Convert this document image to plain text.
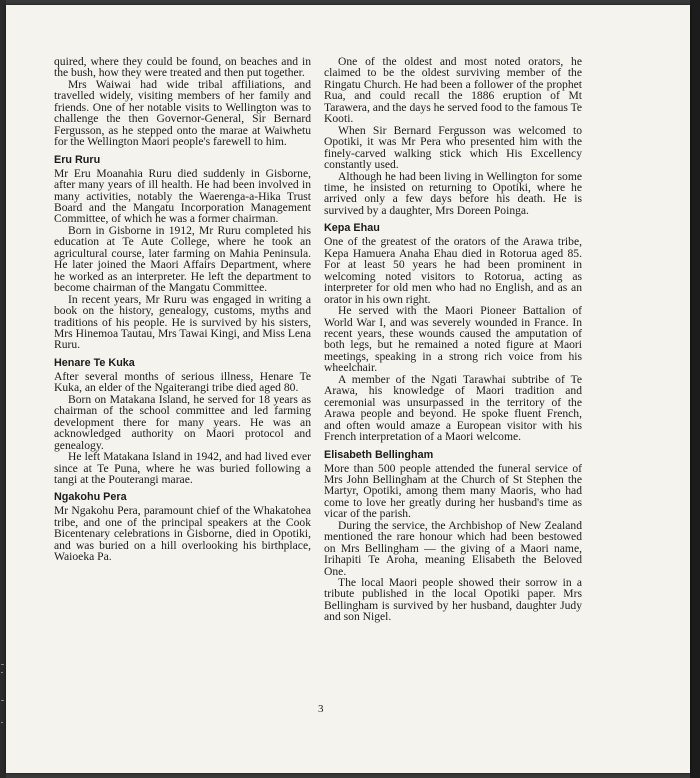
quired, where they could be found, on beaches and in the bush, how they were treated and then put together.

Mrs Waiwai had wide tribal affiliations, and travelled widely, visiting members of her family and friends. One of her notable visits to Wellington was to challenge the then Governor-General, Sir Bernard Fergusson, as he stepped onto the marae at Waiwhetu for the Wellington Maori people's farewell to him.

Eru Ruru

Mr Eru Moanahia Ruru died suddenly in Gisborne, after many years of ill health. He had been involved in many activities, notably the Waerenga-a-Hika Trust Board and the Mangatu Incorporation Management Committee, of which he was a former chairman.

Born in Gisborne in 1912, Mr Ruru completed his education at Te Aute College, where he took an agricultural course, later farming on Mahia Peninsula. He later joined the Maori Affairs Department, where he worked as an interpreter. He left the department to become chairman of the Mangatu Committee.

In recent years, Mr Ruru was engaged in writing a book on the history, genealogy, customs, myths and traditions of his people. He is survived by his sisters, Mrs Hinemoa Tautau, Mrs Tawai Kingi, and Miss Lena Ruru.

Henare Te Kuka

After several months of serious illness, Henare Te Kuka, an elder of the Ngaiterangi tribe died aged 80.

Born on Matakana Island, he served for 18 years as chairman of the school committee and led farming development there for many years. He was an acknowledged authority on Maori protocol and genealogy.

He left Matakana Island in 1942, and had lived ever since at Te Puna, where he was buried following a tangi at the Pouterangi marae.

Ngakohu Pera

Mr Ngakohu Pera, paramount chief of the Whakatohea tribe, and one of the principal speakers at the Cook Bicentenary celebrations in Gisborne, died in Opotiki, and was buried on a hill overlooking his birthplace, Waioeka Pa.

One of the oldest and most noted orators, he claimed to be the oldest surviving member of the Ringatu Church. He had been a follower of the prophet Rua, and could recall the 1886 eruption of Mt Tarawera, and the days he served food to the famous Te Kooti.

When Sir Bernard Fergusson was welcomed to Opotiki, it was Mr Pera who presented him with the finely-carved walking stick which His Excellency constantly used.

Although he had been living in Wellington for some time, he insisted on returning to Opotiki, where he arrived only a few days before his death. He is survived by a daughter, Mrs Doreen Poinga.

Kepa Ehau

One of the greatest of the orators of the Arawa tribe, Kepa Hamuera Anaha Ehau died in Rotorua aged 85. For at least 50 years he had been prominent in welcoming noted visitors to Rotorua, acting as interpreter for old men who had no English, and as an orator in his own right.

He served with the Maori Pioneer Battalion of World War I, and was severely wounded in France. In recent years, these wounds caused the amputation of both legs, but he remained a noted figure at Maori meetings, speaking in a strong rich voice from his wheelchair.

A member of the Ngati Tarawhai subtribe of Te Arawa, his knowledge of Maori tradition and ceremonial was unsurpassed in the territory of the Arawa people and beyond. He spoke fluent French, and often would amaze a European visitor with his French interpretation of a Maori welcome.

Elisabeth Bellingham

More than 500 people attended the funeral service of Mrs John Bellingham at the Church of St Stephen the Martyr, Opotiki, among them many Maoris, who had come to love her greatly during her husband's time as vicar of the parish.

During the service, the Archbishop of New Zealand mentioned the rare honour which had been bestowed on Mrs Bellingham — the giving of a Maori name, Irihapiti Te Aroha, meaning Elisabeth the Beloved One.

The local Maori people showed their sorrow in a tribute published in the local Opotiki paper. Mrs Bellingham is survived by her husband, daughter Judy and son Nigel.

3
